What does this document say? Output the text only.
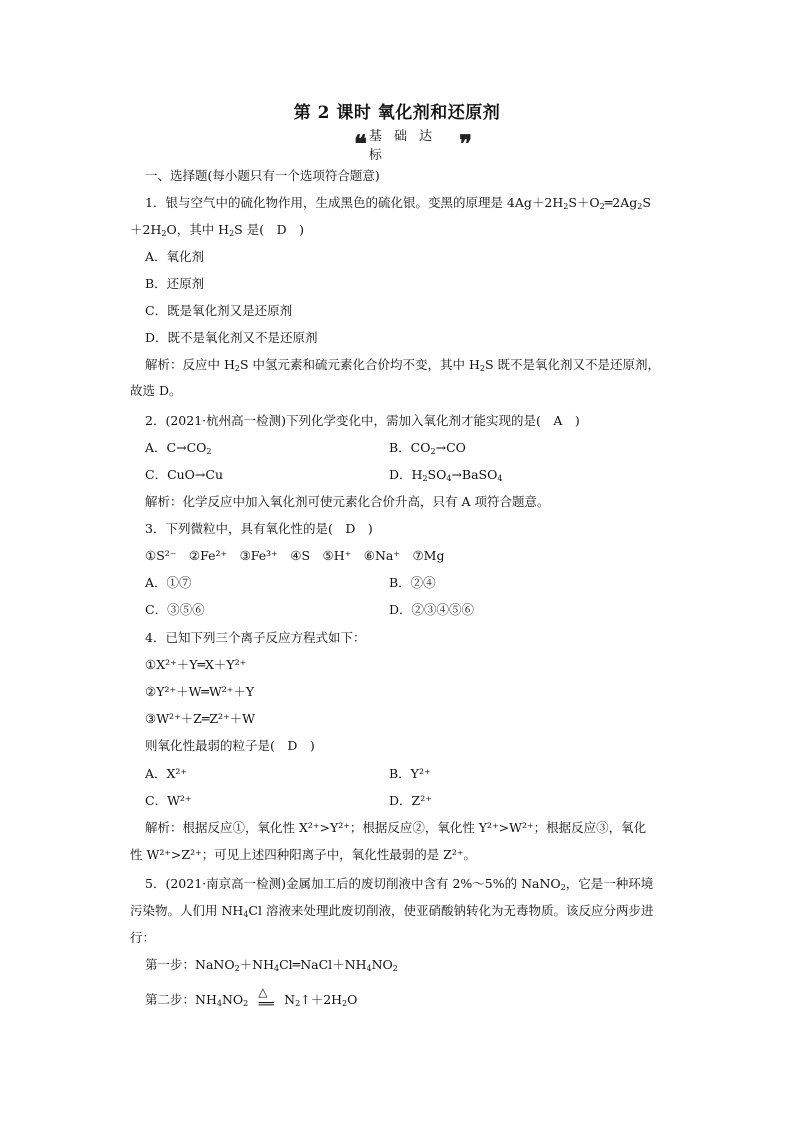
第 2 课时 氧化剂和还原剂
❝ 基 础 达 标	❞
一、选择题(每小题只有一个选项符合题意)
1．银与空气中的硫化物作用，生成黑色的硫化银。变黑的原理是 $4Ag+2H_2S+O_2═2Ag_2S$
$+2H_2O$，其中 $H_2S$ 是(　D　)
A．氧化剂
B．还原剂
C．既是氧化剂又是还原剂
D．既不是氧化剂又不是还原剂
解析：反应中 $H_2S$ 中氢元素和硫元素化合价均不变，其中 $H_2S$ 既不是氧化剂又不是还原剂，
故选 D。
2．(2021·杭州高一检测)下列化学变化中，需加入氧化剂才能实现的是(　A　)
A．$C\to CO_2$	B．$CO_2\to CO$
C．CuO→Cu	D．$H_2SO_4\to BaSO_4$
解析：化学反应中加入氧化剂可使元素化合价升高，只有 A 项符合题意。
3．下列微粒中，具有氧化性的是(　D　)
①S²⁻　②Fe²⁺　③Fe³⁺　④S　⑤H⁺　⑥Na⁺　⑦Mg
A．①⑦	B．②④
C．③⑤⑥	D．②③④⑤⑥
4．已知下列三个离子反应方程式如下：
①X²⁺＋Y═X＋Y²⁺
②Y²⁺＋W═W²⁺＋Y
③W²⁺＋Z═Z²⁺＋W
则氧化性最弱的粒子是(　D　)
A．X²⁺	B．Y²⁺
C．W²⁺	D．Z²⁺
解析：根据反应①，氧化性 X²⁺>Y²⁺；根据反应②，氧化性 Y²⁺>W²⁺；根据反应③，氧化
性 W²⁺>Z²⁺；可见上述四种阳离子中，氧化性最弱的是 Z²⁺。
5．(2021·南京高一检测)金属加工后的废切削液中含有 2%～5%的 NaNO$_2$，它是一种环境
污染物。人们用 $NH_4Cl$ 溶液来处理此废切削液，使亚硝酸钠转化为无毒物质。该反应分两步进
行：
第一步：$NaNO_2+NH_4Cl═NaCl+NH_4NO_2$
第二步：$NH_4NO_2$
△
══ $N_2↑+2H_2O$
